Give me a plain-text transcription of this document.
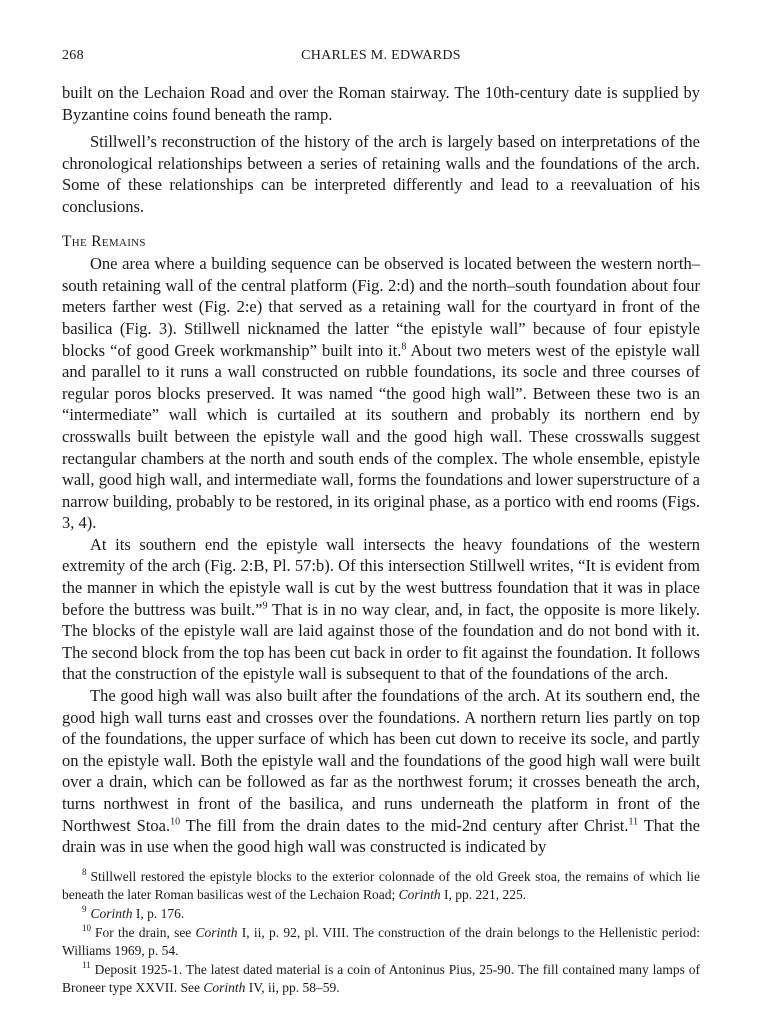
268	CHARLES M. EDWARDS

built on the Lechaion Road and over the Roman stairway. The 10th-century date is supplied by Byzantine coins found beneath the ramp.

Stillwell’s reconstruction of the history of the arch is largely based on interpretations of the chronological relationships between a series of retaining walls and the foundations of the arch. Some of these relationships can be interpreted differently and lead to a reevaluation of his conclusions.

The Remains

One area where a building sequence can be observed is located between the western north–south retaining wall of the central platform (Fig. 2:d) and the north–south foundation about four meters farther west (Fig. 2:e) that served as a retaining wall for the courtyard in front of the basilica (Fig. 3). Stillwell nicknamed the latter “the epistyle wall” because of four epistyle blocks “of good Greek workmanship” built into it.$^8$ About two meters west of the epistyle wall and parallel to it runs a wall constructed on rubble foundations, its socle and three courses of regular poros blocks preserved. It was named “the good high wall”. Between these two is an “intermediate” wall which is curtailed at its southern and probably its northern end by crosswalls built between the epistyle wall and the good high wall. These crosswalls suggest rectangular chambers at the north and south ends of the complex. The whole ensemble, epistyle wall, good high wall, and intermediate wall, forms the foundations and lower superstructure of a narrow building, probably to be restored, in its original phase, as a portico with end rooms (Figs. 3, 4).

At its southern end the epistyle wall intersects the heavy foundations of the western extremity of the arch (Fig. 2:B, Pl. 57:b). Of this intersection Stillwell writes, “It is evident from the manner in which the epistyle wall is cut by the west buttress foundation that it was in place before the buttress was built.”$^9$ That is in no way clear, and, in fact, the opposite is more likely. The blocks of the epistyle wall are laid against those of the foundation and do not bond with it. The second block from the top has been cut back in order to fit against the foundation. It follows that the construction of the epistyle wall is subsequent to that of the foundations of the arch.

The good high wall was also built after the foundations of the arch. At its southern end, the good high wall turns east and crosses over the foundations. A northern return lies partly on top of the foundations, the upper surface of which has been cut down to receive its socle, and partly on the epistyle wall. Both the epistyle wall and the foundations of the good high wall were built over a drain, which can be followed as far as the northwest forum; it crosses beneath the arch, turns northwest in front of the basilica, and runs underneath the platform in front of the Northwest Stoa.$^{10}$ The fill from the drain dates to the mid-2nd century after Christ.$^{11}$ That the drain was in use when the good high wall was constructed is indicated by

$^8$ Stillwell restored the epistyle blocks to the exterior colonnade of the old Greek stoa, the remains of which lie beneath the later Roman basilicas west of the Lechaion Road; Corinth I, pp. 221, 225.

$^9$ Corinth I, p. 176.

$^{10}$ For the drain, see Corinth I, ii, p. 92, pl. VIII. The construction of the drain belongs to the Hellenistic period: Williams 1969, p. 54.

$^{11}$ Deposit 1925-1. The latest dated material is a coin of Antoninus Pius, 25-90. The fill contained many lamps of Broneer type XXVII. See Corinth IV, ii, pp. 58–59.
